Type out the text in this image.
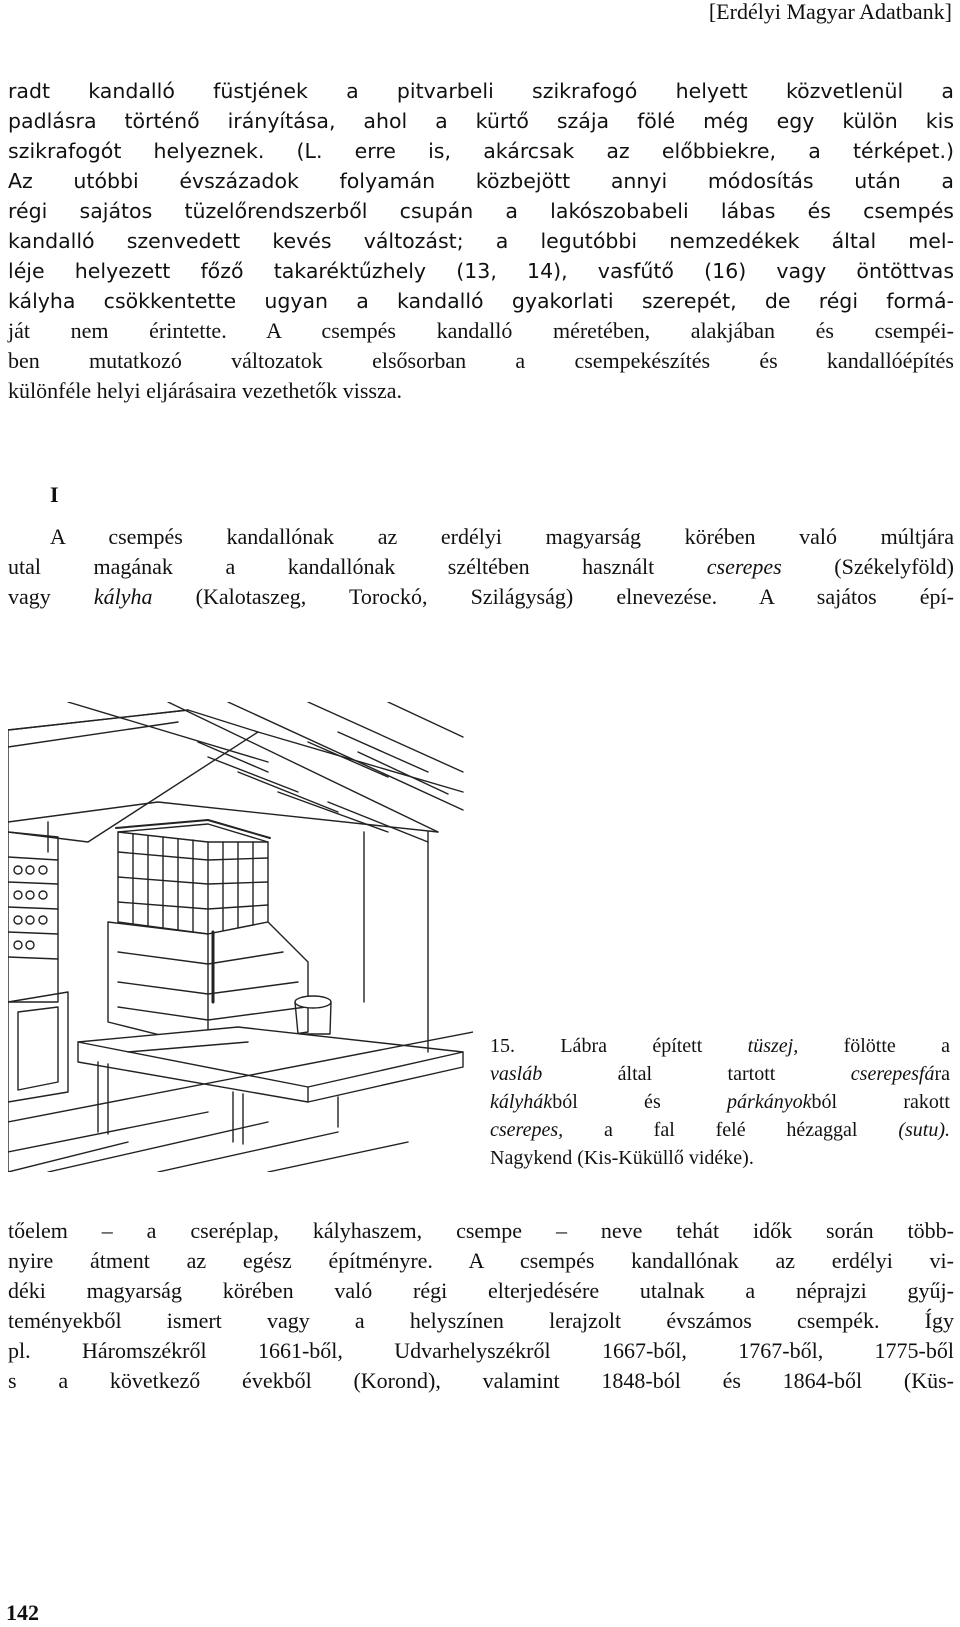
[Erdélyi Magyar Adatbank]
radt kandalló füstjének a pitvarbeli szikrafogó helyett közvetlenül a
padlásra történő irányítása, ahol a kürtő szája fölé még egy külön kis
szikrafogót helyeznek. (L. erre is, akárcsak az előbbiekre, a térképet.)
Az utóbbi évszázadok folyamán közbejött annyi módosítás után a
régi sajátos tüzelőrendszerből csupán a lakószobabeli lábas és csempés
kandalló szenvedett kevés változást; a legutóbbi nemzedékek által mel-
léje helyezett főző takaréktűzhely (13, 14), vasfűtő (16) vagy öntöttvas
kályha csökkentette ugyan a kandalló gyakorlati szerepét, de régi formá-
ját nem érintette. A csempés kandalló méretében, alakjában és csempéi-
ben mutatkozó változatok elsősorban a csempekészítés és kandallóépítés
különféle helyi eljárásaira vezethetők vissza.
I
A csempés kandallónak az erdélyi magyarság körében való múltjára
utal magának a kandallónak széltében használt cserepes (Székelyföld)
vagy kályha (Kalotaszeg, Torockó, Szilágyság) elnevezése. A sajátos épí-
15. Lábra épített tüszej, fölötte a
vasláb által tartott cserepesfára
kályhákból és párkányokból rakott
cserepes, a fal felé hézaggal (sutu).
Nagykend (Kis-Küküllő vidéke).
tőelem – a cseréplap, kályhaszem, csempe – neve tehát idők során több-
nyire átment az egész építményre. A csempés kandallónak az erdélyi vi-
déki magyarság körében való régi elterjedésére utalnak a néprajzi gyűj-
teményekből ismert vagy a helyszínen lerajzolt évszámos csempék. Így
pl. Háromszékről 1661-ből, Udvarhelyszékről 1667-ből, 1767-ből, 1775-ből
s a következő évekből (Korond), valamint 1848-ból és 1864-ből (Küs-
142
